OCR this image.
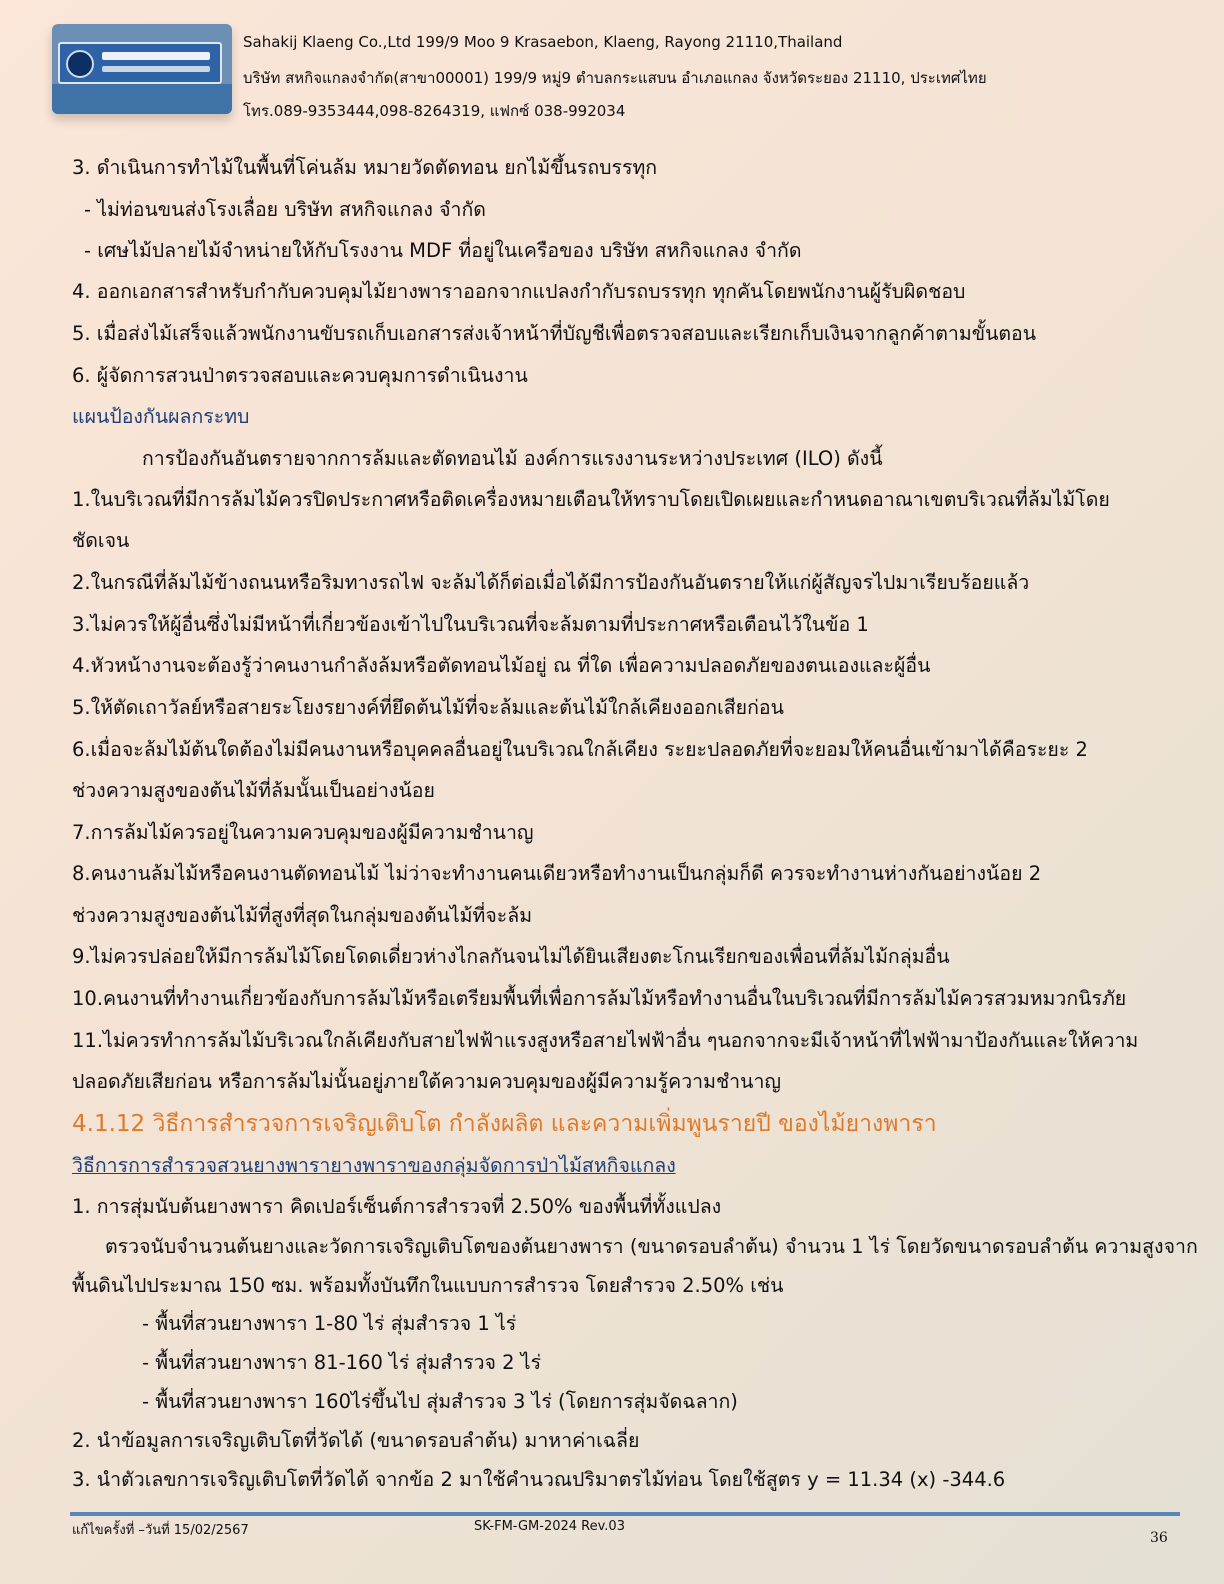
Sahakij Klaeng Co.,Ltd 199/9 Moo 9 Krasaebon, Klaeng, Rayong 21110,Thailand
บริษัท สหกิจแกลงจำกัด(สาขา00001) 199/9 หมู่9 ตำบลกระแสบน อำเภอแกลง จังหวัดระยอง 21110, ประเทศไทย
โทร.089-9353444,098-8264319, แฟกซ์ 038-992034
3. ดำเนินการทำไม้ในพื้นที่โค่นล้ม หมายวัดตัดทอน ยกไม้ขึ้นรถบรรทุก
- ไม่ท่อนขนส่งโรงเลื่อย บริษัท สหกิจแกลง จำกัด
- เศษไม้ปลายไม้จำหน่ายให้กับโรงงาน MDF ที่อยู่ในเครือของ บริษัท สหกิจแกลง จำกัด
4. ออกเอกสารสำหรับกำกับควบคุมไม้ยางพาราออกจากแปลงกำกับรถบรรทุก ทุกคันโดยพนักงานผู้รับผิดชอบ
5. เมื่อส่งไม้เสร็จแล้วพนักงานขับรถเก็บเอกสารส่งเจ้าหน้าที่บัญชีเพื่อตรวจสอบและเรียกเก็บเงินจากลูกค้าตามขั้นตอน
6. ผู้จัดการสวนป่าตรวจสอบและควบคุมการดำเนินงาน
แผนป้องกันผลกระทบ
การป้องกันอันตรายจากการล้มและตัดทอนไม้ องค์การแรงงานระหว่างประเทศ (ILO) ดังนี้
1.ในบริเวณที่มีการล้มไม้ควรปิดประกาศหรือติดเครื่องหมายเตือนให้ทราบโดยเปิดเผยและกำหนดอาณาเขตบริเวณที่ล้มไม้โดย
ชัดเจน
2.ในกรณีที่ล้มไม้ข้างถนนหรือริมทางรถไฟ จะล้มได้ก็ต่อเมื่อได้มีการป้องกันอันตรายให้แก่ผู้สัญจรไปมาเรียบร้อยแล้ว
3.ไม่ควรให้ผู้อื่นซึ่งไม่มีหน้าที่เกี่ยวข้องเข้าไปในบริเวณที่จะล้มตามที่ประกาศหรือเตือนไว้ในข้อ 1
4.หัวหน้างานจะต้องรู้ว่าคนงานกำลังล้มหรือตัดทอนไม้อยู่ ณ ที่ใด เพื่อความปลอดภัยของตนเองและผู้อื่น
5.ให้ตัดเถาวัลย์หรือสายระโยงรยางค์ที่ยึดต้นไม้ที่จะล้มและต้นไม้ใกล้เคียงออกเสียก่อน
6.เมื่อจะล้มไม้ต้นใดต้องไม่มีคนงานหรือบุคคลอื่นอยู่ในบริเวณใกล้เคียง ระยะปลอดภัยที่จะยอมให้คนอื่นเข้ามาได้คือระยะ 2
ช่วงความสูงของต้นไม้ที่ล้มนั้นเป็นอย่างน้อย
7.การล้มไม้ควรอยู่ในความควบคุมของผู้มีความชำนาญ
8.คนงานล้มไม้หรือคนงานตัดทอนไม้ ไม่ว่าจะทำงานคนเดียวหรือทำงานเป็นกลุ่มก็ดี ควรจะทำงานห่างกันอย่างน้อย 2
ช่วงความสูงของต้นไม้ที่สูงที่สุดในกลุ่มของต้นไม้ที่จะล้ม
9.ไม่ควรปล่อยให้มีการล้มไม้โดยโดดเดี่ยวห่างไกลกันจนไม่ได้ยินเสียงตะโกนเรียกของเพื่อนที่ล้มไม้กลุ่มอื่น
10.คนงานที่ทำงานเกี่ยวข้องกับการล้มไม้หรือเตรียมพื้นที่เพื่อการล้มไม้หรือทำงานอื่นในบริเวณที่มีการล้มไม้ควรสวมหมวกนิรภัย
11.ไม่ควรทำการล้มไม้บริเวณใกล้เคียงกับสายไฟฟ้าแรงสูงหรือสายไฟฟ้าอื่น ๆนอกจากจะมีเจ้าหน้าที่ไฟฟ้ามาป้องกันและให้ความ
ปลอดภัยเสียก่อน หรือการล้มไม่นั้นอยู่ภายใต้ความควบคุมของผู้มีความรู้ความชำนาญ
4.1.12 วิธีการสำรวจการเจริญเติบโต กำลังผลิต และความเพิ่มพูนรายปี ของไม้ยางพารา
วิธีการการสำรวจสวนยางพารายางพาราของกลุ่มจัดการป่าไม้สหกิจแกลง
1. การสุ่มนับต้นยางพารา คิดเปอร์เซ็นต์การสำรวจที่ 2.50% ของพื้นที่ทั้งแปลง
ตรวจนับจำนวนต้นยางและวัดการเจริญเติบโตของต้นยางพารา (ขนาดรอบลำต้น) จำนวน 1 ไร่ โดยวัดขนาดรอบลำต้น ความสูงจาก
พื้นดินไปประมาณ 150 ซม. พร้อมทั้งบันทึกในแบบการสำรวจ โดยสำรวจ 2.50% เช่น
- พื้นที่สวนยางพารา 1-80 ไร่ สุ่มสำรวจ 1 ไร่
- พื้นที่สวนยางพารา 81-160 ไร่ สุ่มสำรวจ 2 ไร่
- พื้นที่สวนยางพารา 160ไร่ขึ้นไป สุ่มสำรวจ 3 ไร่ (โดยการสุ่มจัดฉลาก)
2. นำข้อมูลการเจริญเติบโตที่วัดได้ (ขนาดรอบลำต้น) มาหาค่าเฉลี่ย
3. นำตัวเลขการเจริญเติบโตที่วัดได้ จากข้อ 2 มาใช้คำนวณปริมาตรไม้ท่อน โดยใช้สูตร y = 11.34 (x) -344.6
แก้ไขครั้งที่ –วันที่ 15/02/2567	SK-FM-GM-2024 Rev.03
36
